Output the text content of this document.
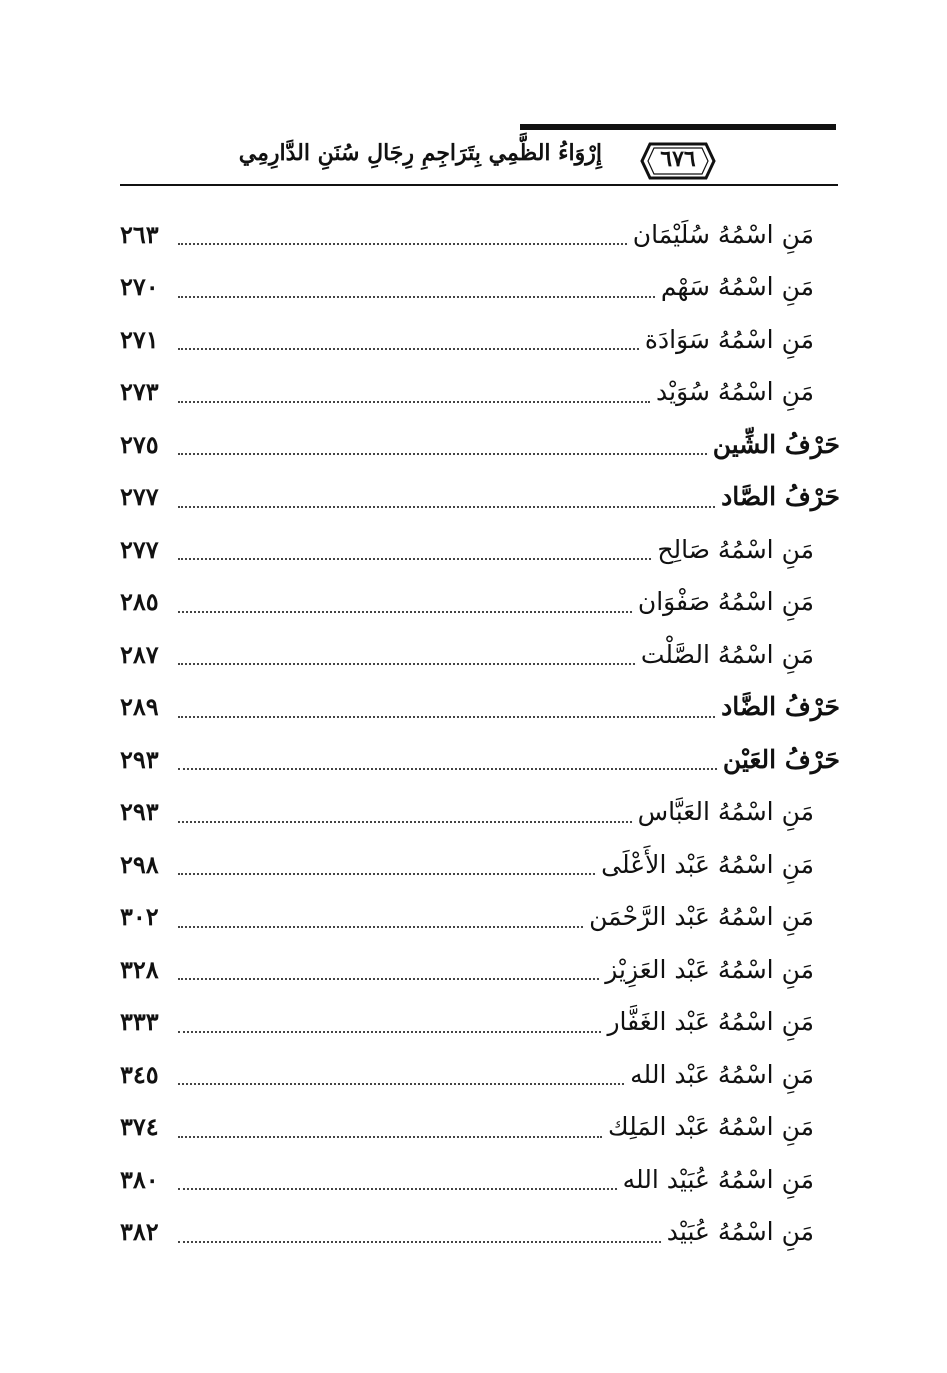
إِرْوَاءُ الظَّمِي بِتَرَاجِمِ رِجَالِ سُنَنِ الدَّارِمِي	٦٧٦
مَنِ اسْمُهُ سُلَيْمَان
٢٦٣
مَنِ اسْمُهُ سَهْم
٢٧٠
مَنِ اسْمُهُ سَوَادَة
٢٧١
مَنِ اسْمُهُ سُوَيْد
٢٧٣
حَرْفُ الشِّين
٢٧٥
حَرْفُ الصَّاد
٢٧٧
مَنِ اسْمُهُ صَالِح
٢٧٧
مَنِ اسْمُهُ صَفْوَان
٢٨٥
مَنِ اسْمُهُ الصَّلْت
٢٨٧
حَرْفُ الضَّاد
٢٨٩
حَرْفُ العَيْن
٢٩٣
مَنِ اسْمُهُ العَبَّاس
٢٩٣
مَنِ اسْمُهُ عَبْد الأَعْلَى
٢٩٨
مَنِ اسْمُهُ عَبْد الرَّحْمَن
٣٠٢
مَنِ اسْمُهُ عَبْد العَزِيْز
٣٢٨
مَنِ اسْمُهُ عَبْد الغَفَّار
٣٣٣
مَنِ اسْمُهُ عَبْد الله
٣٤٥
مَنِ اسْمُهُ عَبْد المَلِك
٣٧٤
مَنِ اسْمُهُ عُبَيْد الله
٣٨٠
مَنِ اسْمُهُ عُبَيْد
٣٨٢
